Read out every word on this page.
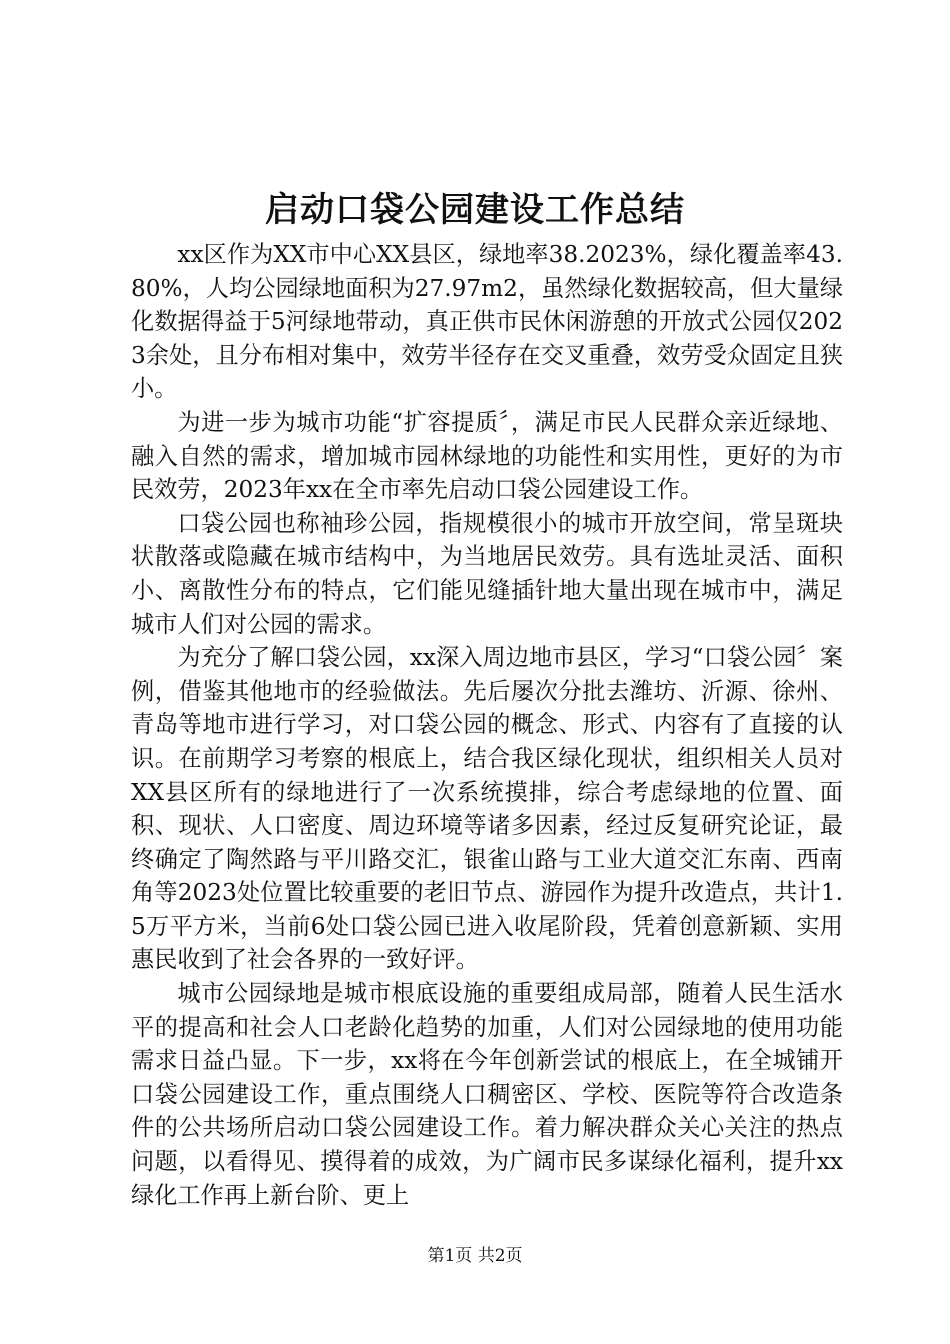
启动口袋公园建设工作总结

xx区作为XX市中心XX县区，绿地率38.2023%，绿化覆盖率43.80%，人均公园绿地面积为27.97m2，虽然绿化数据较高，但大量绿化数据得益于5河绿地带动，真正供市民休闲游憩的开放式公园仅2023余处，且分布相对集中，效劳半径存在交叉重叠，效劳受众固定且狭小。

为进一步为城市功能“扩容提质〞，满足市民人民群众亲近绿地、融入自然的需求，增加城市园林绿地的功能性和实用性，更好的为市民效劳，2023年xx在全市率先启动口袋公园建设工作。

口袋公园也称袖珍公园，指规模很小的城市开放空间，常呈斑块状散落或隐藏在城市结构中，为当地居民效劳。具有选址灵活、面积小、离散性分布的特点，它们能见缝插针地大量出现在城市中，满足城市人们对公园的需求。

为充分了解口袋公园，xx深入周边地市县区，学习“口袋公园〞案例，借鉴其他地市的经验做法。先后屡次分批去潍坊、沂源、徐州、青岛等地市进行学习，对口袋公园的概念、形式、内容有了直接的认识。在前期学习考察的根底上，结合我区绿化现状，组织相关人员对XX县区所有的绿地进行了一次系统摸排，综合考虑绿地的位置、面积、现状、人口密度、周边环境等诸多因素，经过反复研究论证，最终确定了陶然路与平川路交汇，银雀山路与工业大道交汇东南、西南角等2023处位置比较重要的老旧节点、游园作为提升改造点，共计1.5万平方米，当前6处口袋公园已进入收尾阶段，凭着创意新颖、实用惠民收到了社会各界的一致好评。

城市公园绿地是城市根底设施的重要组成局部，随着人民生活水平的提高和社会人口老龄化趋势的加重，人们对公园绿地的使用功能需求日益凸显。下一步，xx将在今年创新尝试的根底上，在全城铺开口袋公园建设工作，重点围绕人口稠密区、学校、医院等符合改造条件的公共场所启动口袋公园建设工作。着力解决群众关心关注的热点问题，以看得见、摸得着的成效，为广阔市民多谋绿化福利，提升xx绿化工作再上新台阶、更上

第1页 共2页
